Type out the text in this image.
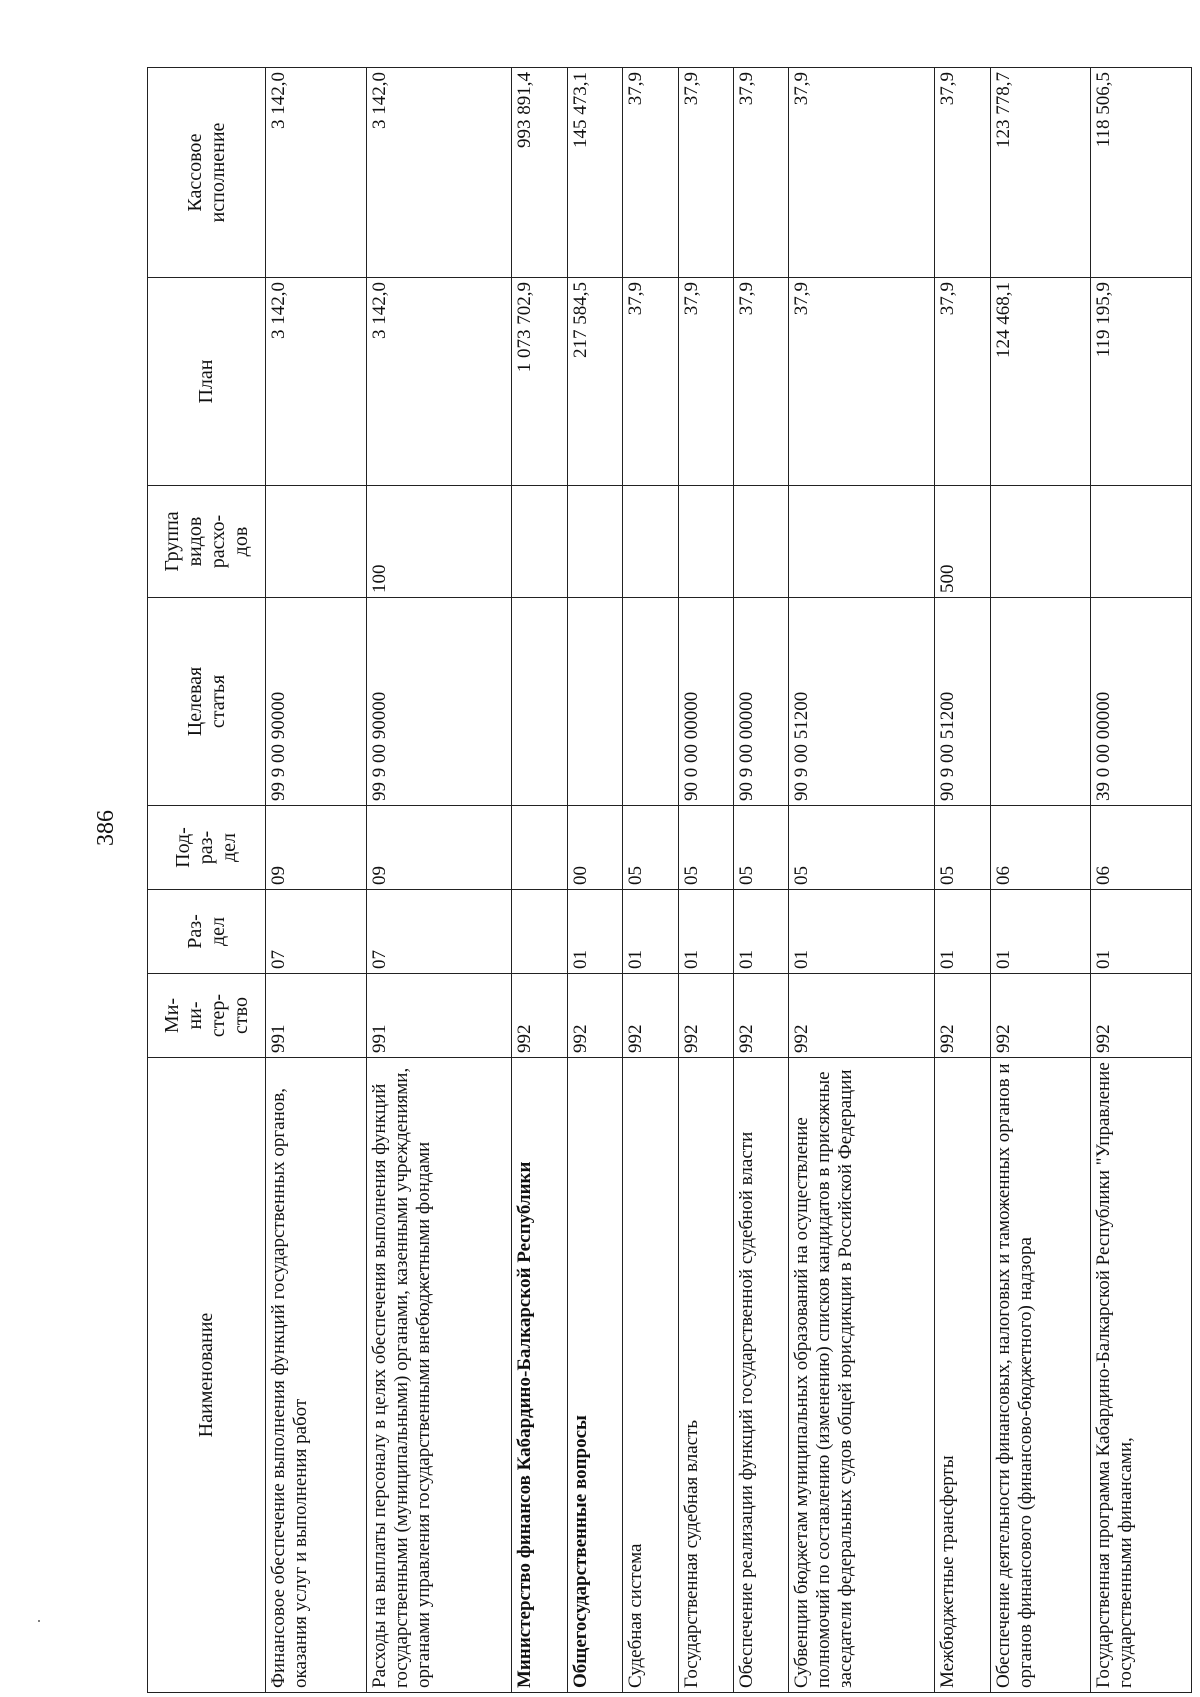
386
Наименование	Ми-
ни-
стер-
ство	Раз-
дел	Под-
раз-
дел	Целевая
статья	Группа
видов
расхо-
дов	План	Кассовое
исполнение
Финансовое обеспечение выполнения функций государственных органов, оказания услуг и выполнения работ	991	07	09	99 9 00 90000		3 142,0	3 142,0
Расходы на выплаты персоналу в целях обеспечения выполнения функций государственными (муниципальными) органами, казенными учреждениями, органами управления государственными внебюджетными фондами	991	07	09	99 9 00 90000	100	3 142,0	3 142,0
Министерство финансов Кабардино-Балкарской Республики	992					1 073 702,9	993 891,4
Общегосударственные вопросы	992	01	00			217 584,5	145 473,1
Судебная система	992	01	05			37,9	37,9
Государственная судебная власть	992	01	05	90 0 00 00000		37,9	37,9
Обеспечение реализации функций государственной судебной власти	992	01	05	90 9 00 00000		37,9	37,9
Субвенции бюджетам муниципальных образований на осуществление полномочий по составлению (изменению) списков кандидатов в присяжные заседатели федеральных судов общей юрисдикции в Российской Федерации	992	01	05	90 9 00 51200		37,9	37,9
Межбюджетные трансферты	992	01	05	90 9 00 51200	500	37,9	37,9
Обеспечение деятельности финансовых, налоговых и таможенных органов и органов финансового (финансово-бюджетного) надзора	992	01	06			124 468,1	123 778,7
Государственная программа Кабардино-Балкарской Республики "Управление государственными финансами,	992	01	06	39 0 00 00000		119 195,9	118 506,5
